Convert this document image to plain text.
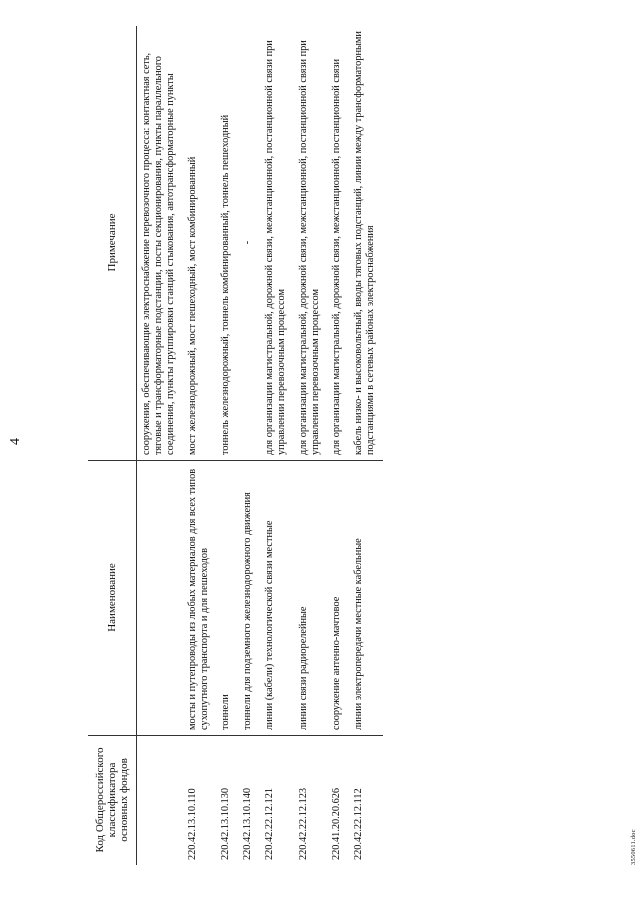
4
Код Общероссийского классификатора основных фондов	Наименование	Примечание
		сооружения, обеспечивающие электроснабжение перевозочного процесса: контактная сеть, тяговые и трансформаторные подстанции, посты секционирования, пункты параллельного соединения, пункты группировки станций стыкования, автотрансформаторные пункты
220.42.13.10.110	мосты и путепроводы из любых материалов для всех типов сухопутного транспорта и для пешеходов	мост железнодорожный, мост пешеходный, мост комбинированный
220.42.13.10.130	тоннели	тоннель железнодорожный, тоннель комбинированный, тоннель пешеходный
220.42.13.10.140	тоннели для подземного железнодорожного движения	-
220.42.22.12.121	линии (кабели) технологической связи местные	для организации магистральной, дорожной связи, межстанционной, постанционной связи при управлении перевозочным процессом
220.42.22.12.123	линии связи радиорелейные	для организации магистральной, дорожной связи, межстанционной, постанционной связи при управлении перевозочным процессом
220.41.20.20.626	сооружение антенно-мачтовое	для организации магистральной, дорожной связи, межстанционной, постанционной связи
220.42.22.12.112	линии электропередачи местные кабельные	кабель низко- и высоковольтный, вводы тяговых подстанций, линии между трансформаторными подстанциями в сетевых районах электроснабжения
3550611.doc
